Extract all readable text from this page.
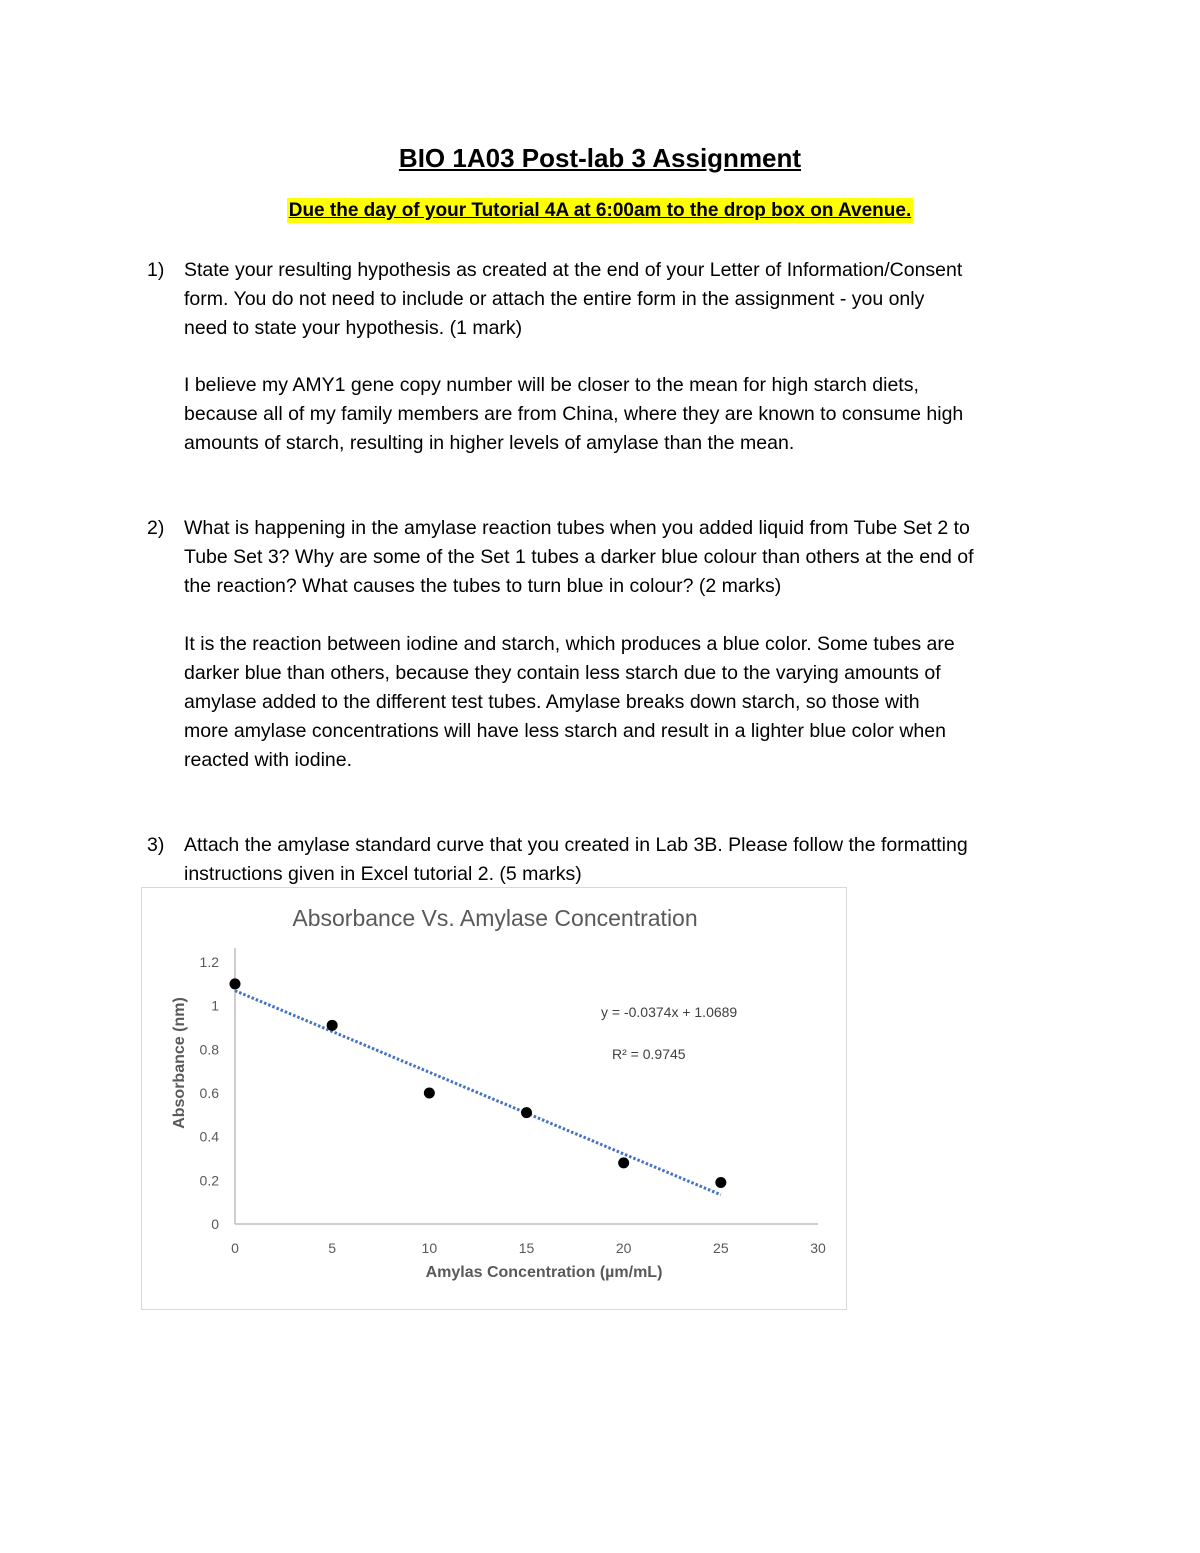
BIO 1A03 Post-lab 3 Assignment
Due the day of your Tutorial 4A at 6:00am to the drop box on Avenue.
1) State your resulting hypothesis as created at the end of your Letter of Information/Consent
form. You do not need to include or attach the entire form in the assignment - you only
need to state your hypothesis. (1 mark)
I believe my AMY1 gene copy number will be closer to the mean for high starch diets,
because all of my family members are from China, where they are known to consume high
amounts of starch, resulting in higher levels of amylase than the mean.
2) What is happening in the amylase reaction tubes when you added liquid from Tube Set 2 to
Tube Set 3? Why are some of the Set 1 tubes a darker blue colour than others at the end of
the reaction? What causes the tubes to turn blue in colour? (2 marks)
It is the reaction between iodine and starch, which produces a blue color. Some tubes are
darker blue than others, because they contain less starch due to the varying amounts of
amylase added to the different test tubes. Amylase breaks down starch, so those with
more amylase concentrations will have less starch and result in a lighter blue color when
reacted with iodine.
3) Attach the amylase standard curve that you created in Lab 3B. Please follow the formatting
instructions given in Excel tutorial 2. (5 marks)
Absorbance Vs. Amylase Concentration
0	5	10	15	20	25	30
0
0.2
0.4
0.6
0.8
1
1.2
y = -0.0374x + 1.0689
R² = 0.9745
Amylas Concentration (µm/mL)
Absorbance (nm)
